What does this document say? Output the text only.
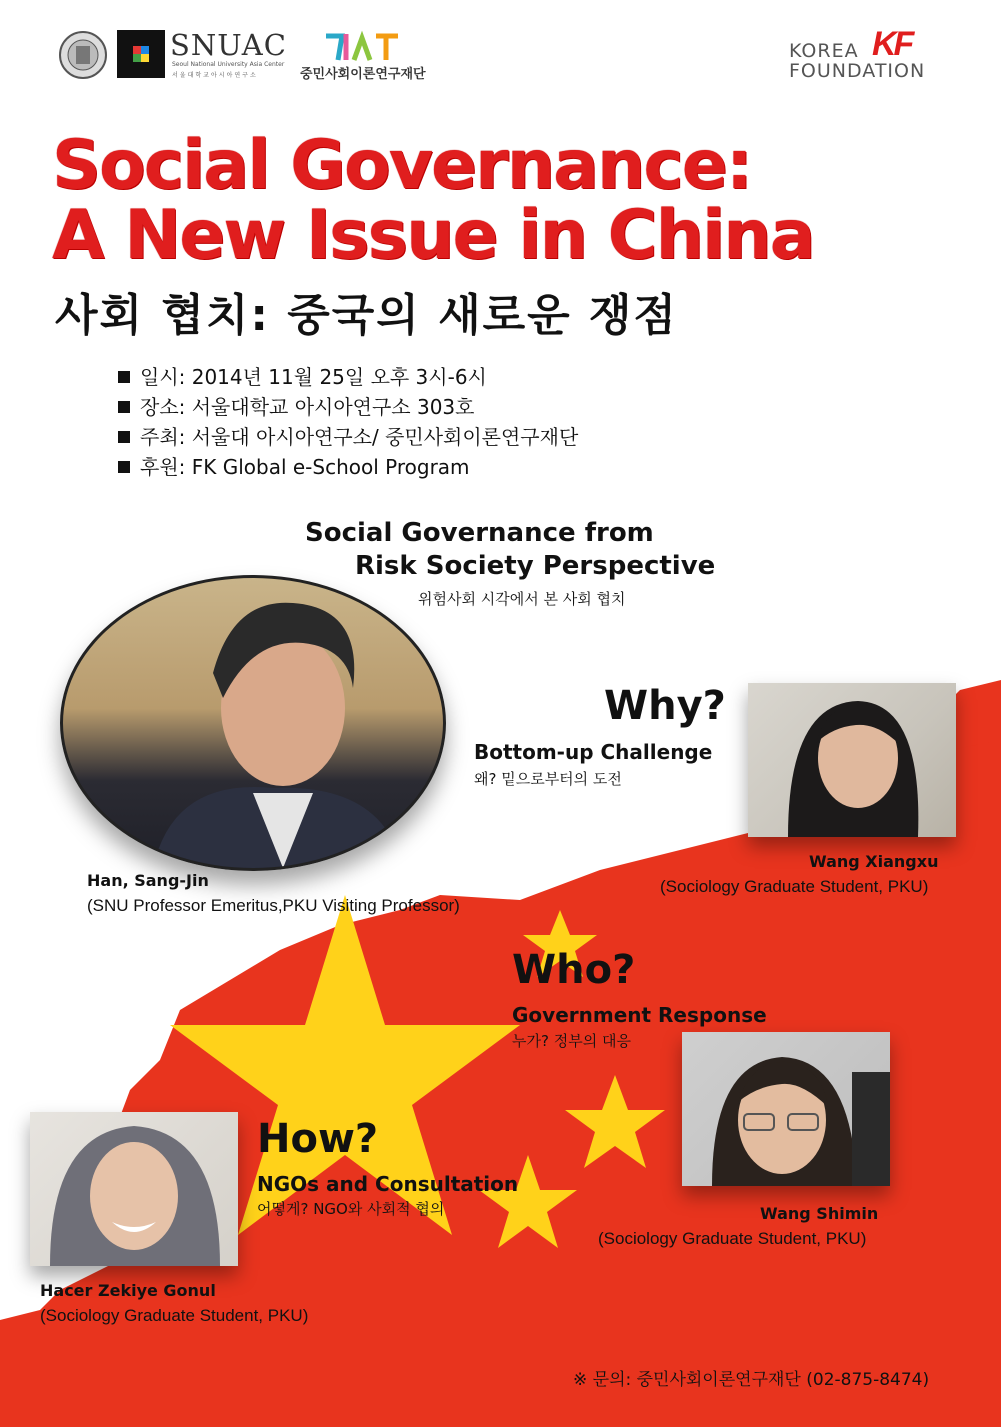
SNUAC
Seoul National University Asia Center
서울대학교아시아연구소	중민사회이론연구재단
KOREA
FOUNDATION
KF
Social Governance:
A New Issue in China
사회 협치: 중국의 새로운 쟁점
일시: 2014년 11월 25일 오후 3시-6시
장소: 서울대학교 아시아연구소 303호
주최: 서울대 아시아연구소/ 중민사회이론연구재단
후원: FK Global e-School Program
Social Governance from
Risk Society Perspective
위험사회 시각에서 본 사회 협치
Han, Sang-Jin
(SNU Professor Emeritus,PKU Visiting Professor)
Why?
Bottom-up Challenge
왜? 밑으로부터의 도전
Wang Xiangxu
(Sociology Graduate Student, PKU)
Who?
Government Response
누가? 정부의 대응
Wang Shimin
(Sociology Graduate Student, PKU)
How?
NGOs and Consultation
어떻게? NGO와 사회적 협의
Hacer Zekiye Gonul
(Sociology Graduate Student, PKU)
※ 문의: 중민사회이론연구재단 (02-875-8474)
